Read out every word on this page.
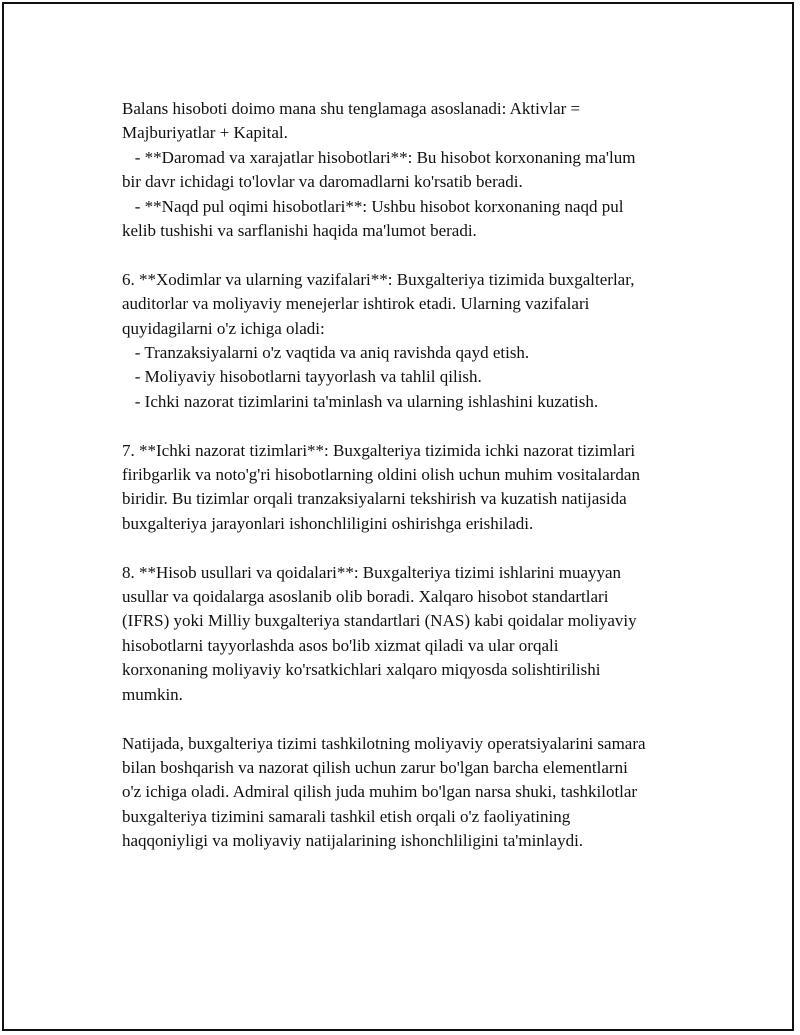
Balans hisoboti doimo mana shu tenglamaga asoslanadi: Aktivlar =
Majburiyatlar + Kapital.
- **Daromad va xarajatlar hisobotlari**: Bu hisobot korxonaning ma'lum
bir davr ichidagi to'lovlar va daromadlarni ko'rsatib beradi.
- **Naqd pul oqimi hisobotlari**: Ushbu hisobot korxonaning naqd pul
kelib tushishi va sarflanishi haqida ma'lumot beradi.
6. **Xodimlar va ularning vazifalari**: Buxgalteriya tizimida buxgalterlar,
auditorlar va moliyaviy menejerlar ishtirok etadi. Ularning vazifalari
quyidagilarni o'z ichiga oladi:
- Tranzaksiyalarni o'z vaqtida va aniq ravishda qayd etish.
- Moliyaviy hisobotlarni tayyorlash va tahlil qilish.
- Ichki nazorat tizimlarini ta'minlash va ularning ishlashini kuzatish.
7. **Ichki nazorat tizimlari**: Buxgalteriya tizimida ichki nazorat tizimlari
firibgarlik va noto'g'ri hisobotlarning oldini olish uchun muhim vositalardan
biridir. Bu tizimlar orqali tranzaksiyalarni tekshirish va kuzatish natijasida
buxgalteriya jarayonlari ishonchliligini oshirishga erishiladi.
8. **Hisob usullari va qoidalari**: Buxgalteriya tizimi ishlarini muayyan
usullar va qoidalarga asoslanib olib boradi. Xalqaro hisobot standartlari
(IFRS) yoki Milliy buxgalteriya standartlari (NAS) kabi qoidalar moliyaviy
hisobotlarni tayyorlashda asos bo'lib xizmat qiladi va ular orqali
korxonaning moliyaviy ko'rsatkichlari xalqaro miqyosda solishtirilishi
mumkin.
Natijada, buxgalteriya tizimi tashkilotning moliyaviy operatsiyalarini samara
bilan boshqarish va nazorat qilish uchun zarur bo'lgan barcha elementlarni
o'z ichiga oladi. Admiral qilish juda muhim bo'lgan narsa shuki, tashkilotlar
buxgalteriya tizimini samarali tashkil etish orqali o'z faoliyatining
haqqoniyligi va moliyaviy natijalarining ishonchliligini ta'minlaydi.
